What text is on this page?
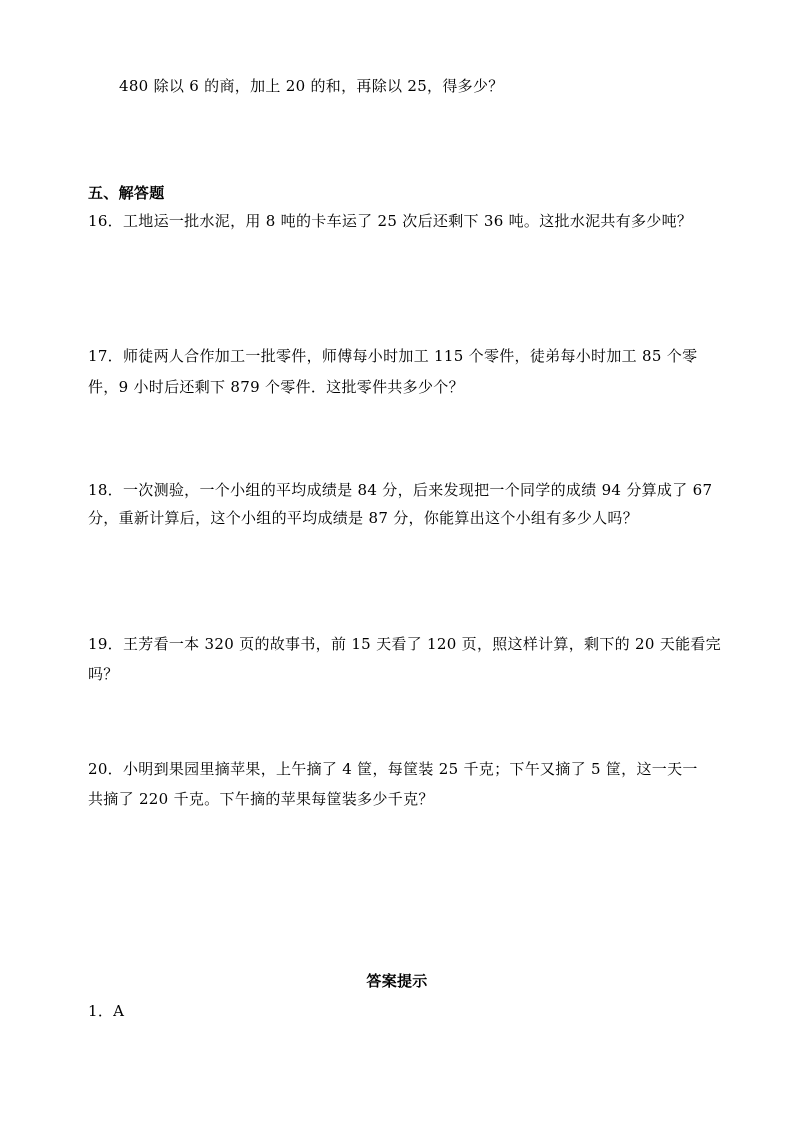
480 除以 6 的商，加上 20 的和，再除以 25，得多少？
五、解答题
16．工地运一批水泥，用 8 吨的卡车运了 25 次后还剩下 36 吨。这批水泥共有多少吨？
17．师徒两人合作加工一批零件，师傅每小时加工 115 个零件，徒弟每小时加工 85 个零
件，9 小时后还剩下 879 个零件．这批零件共多少个？
18．一次测验，一个小组的平均成绩是 84 分，后来发现把一个同学的成绩 94 分算成了 67
分，重新计算后，这个小组的平均成绩是 87 分，你能算出这个小组有多少人吗？
19．王芳看一本 320 页的故事书，前 15 天看了 120 页，照这样计算，剩下的 20 天能看完
吗？
20．小明到果园里摘苹果，上午摘了 4 筐，每筐装 25 千克；下午又摘了 5 筐，这一天一
共摘了 220 千克。下午摘的苹果每筐装多少千克？
答案提示
1．A
